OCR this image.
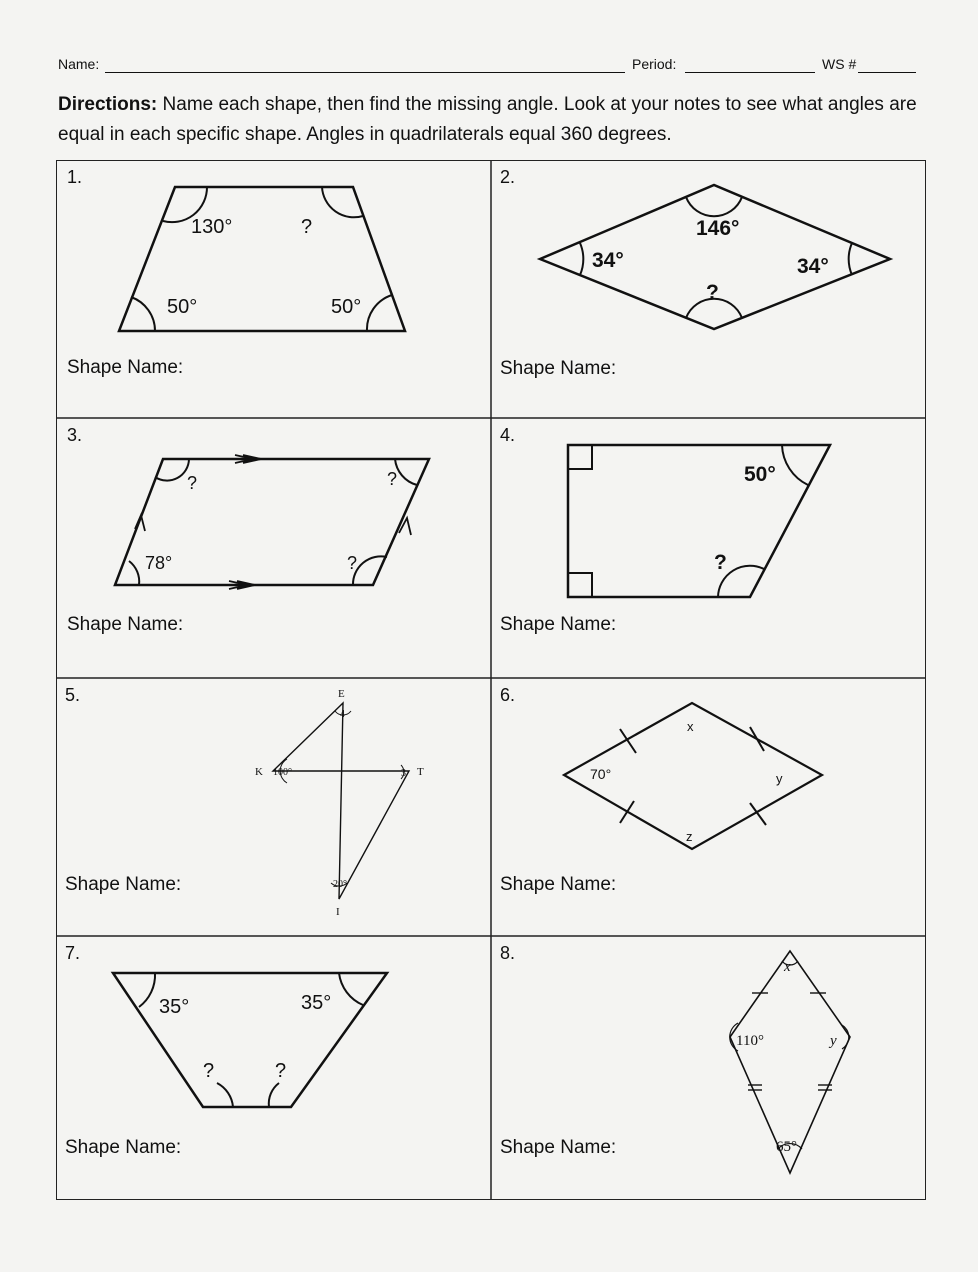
Name:	Period:	WS #
Directions: Name each shape, then find the missing angle. Look at your notes to see what angles are equal in each specific shape. Angles in quadrilaterals equal 360 degrees.
1.
130°	?
50°	50°
Shape Name:
2.
146°
34°	34°
?
Shape Name:
3.
?	?
78°	?
Shape Name:
4.
50°
?
Shape Name:
5.	E
K	T
I
100°
4
3
20°
Shape Name:
6.
70°
x
y
z
Shape Name:
7.
35°	35°
?	?
Shape Name:
8.
x
110°	y
65°
Shape Name:
